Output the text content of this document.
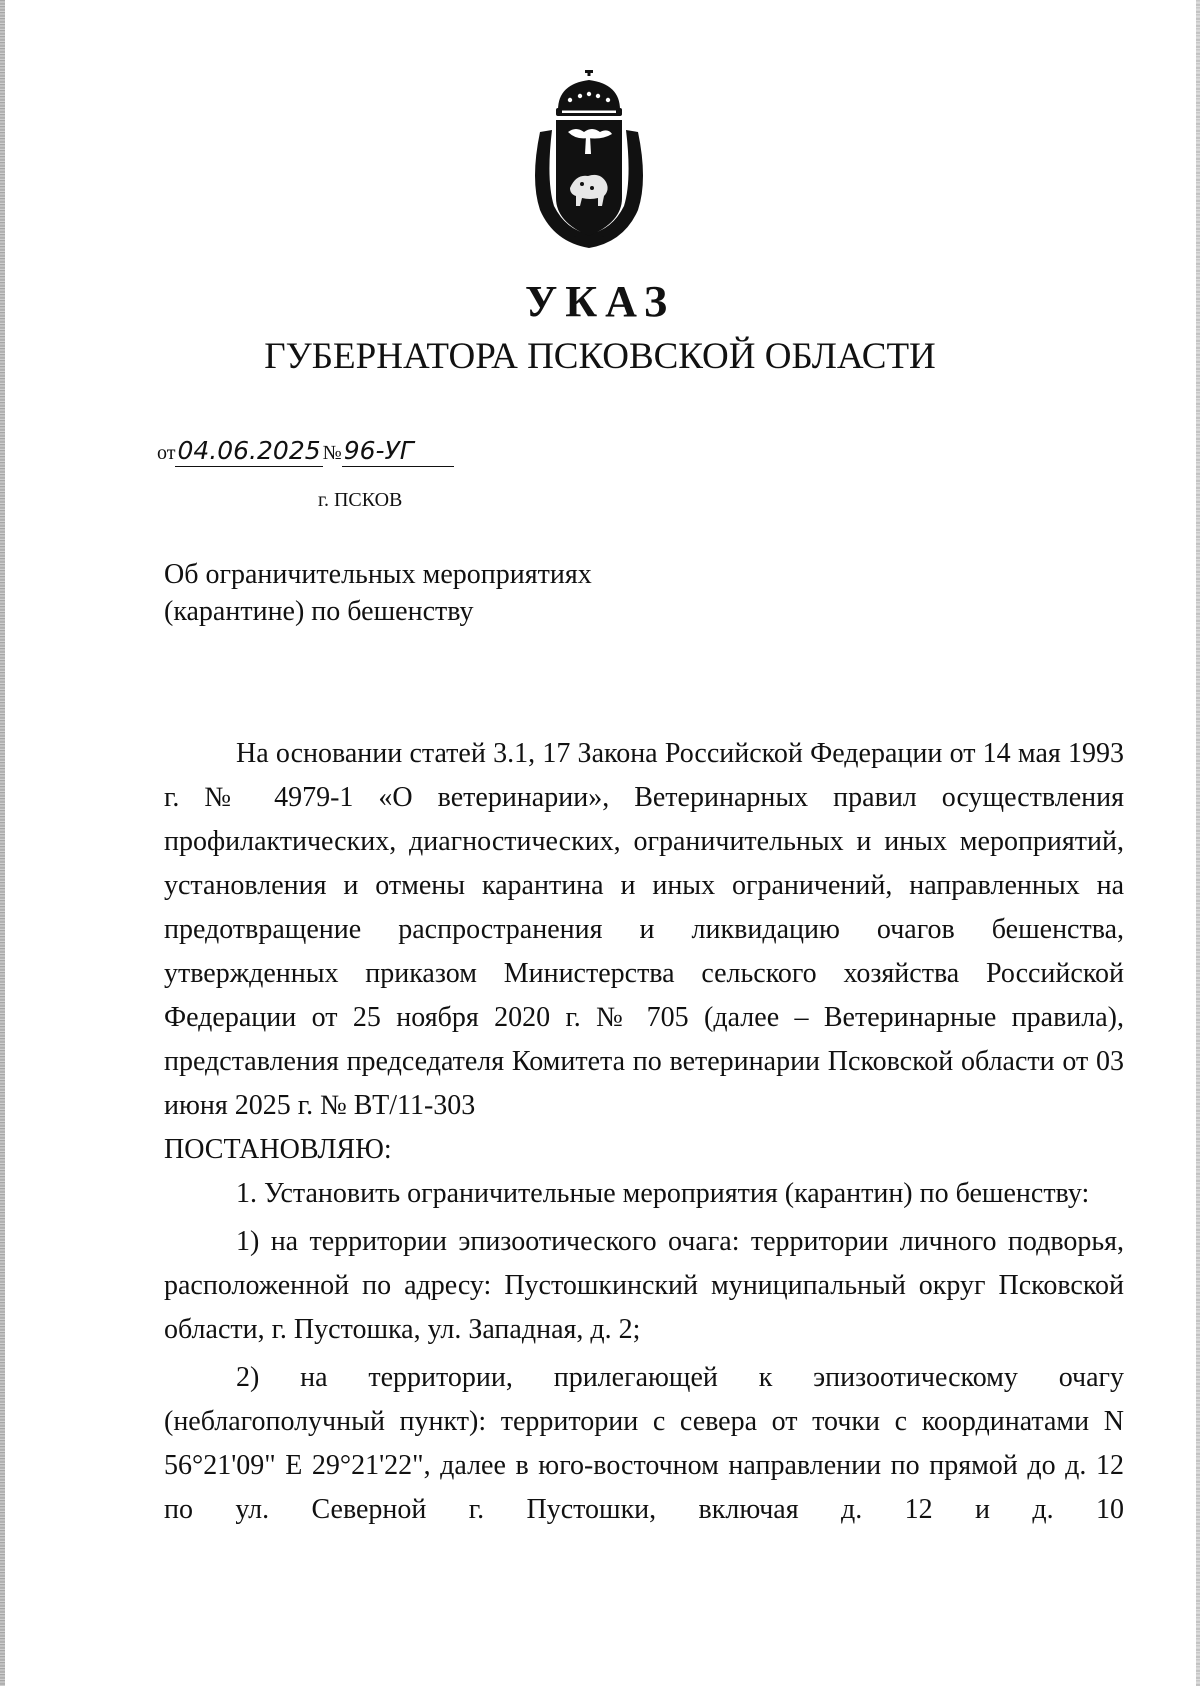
УКАЗ
ГУБЕРНАТОРА ПСКОВСКОЙ ОБЛАСТИ
от04.06.2025 №96-УГ
г. ПСКОВ
Об ограничительных мероприятиях
(карантине) по бешенству

На основании статей 3.1, 17 Закона Российской Федерации от 14 мая 1993 г. № 4979-1 «О ветеринарии», Ветеринарных правил осуществления профилактических, диагностических, ограничительных и иных мероприятий, установления и отмены карантина и иных ограничений, направленных на предотвращение распространения и ликвидацию очагов бешенства, утвержденных приказом Министерства сельского хозяйства Российской Федерации от 25 ноября 2020 г. № 705 (далее – Ветеринарные правила), представления председателя Комитета по ветеринарии Псковской области от 03 июня 2025 г. № ВТ/11-303

ПОСТАНОВЛЯЮ:

1. Установить ограничительные мероприятия (карантин) по бешенству:

1) на территории эпизоотического очага: территории личного подворья, расположенной по адресу: Пустошкинский муниципальный округ Псковской области, г. Пустошка, ул. Западная, д. 2;

2) на территории, прилегающей к эпизоотическому очагу (неблагополучный пункт): территории с севера от точки с координатами N 56°21'09" E 29°21'22", далее в юго-восточном направлении по прямой до д. 12 по ул. Северной г. Пустошки, включая д. 12 и д. 10
